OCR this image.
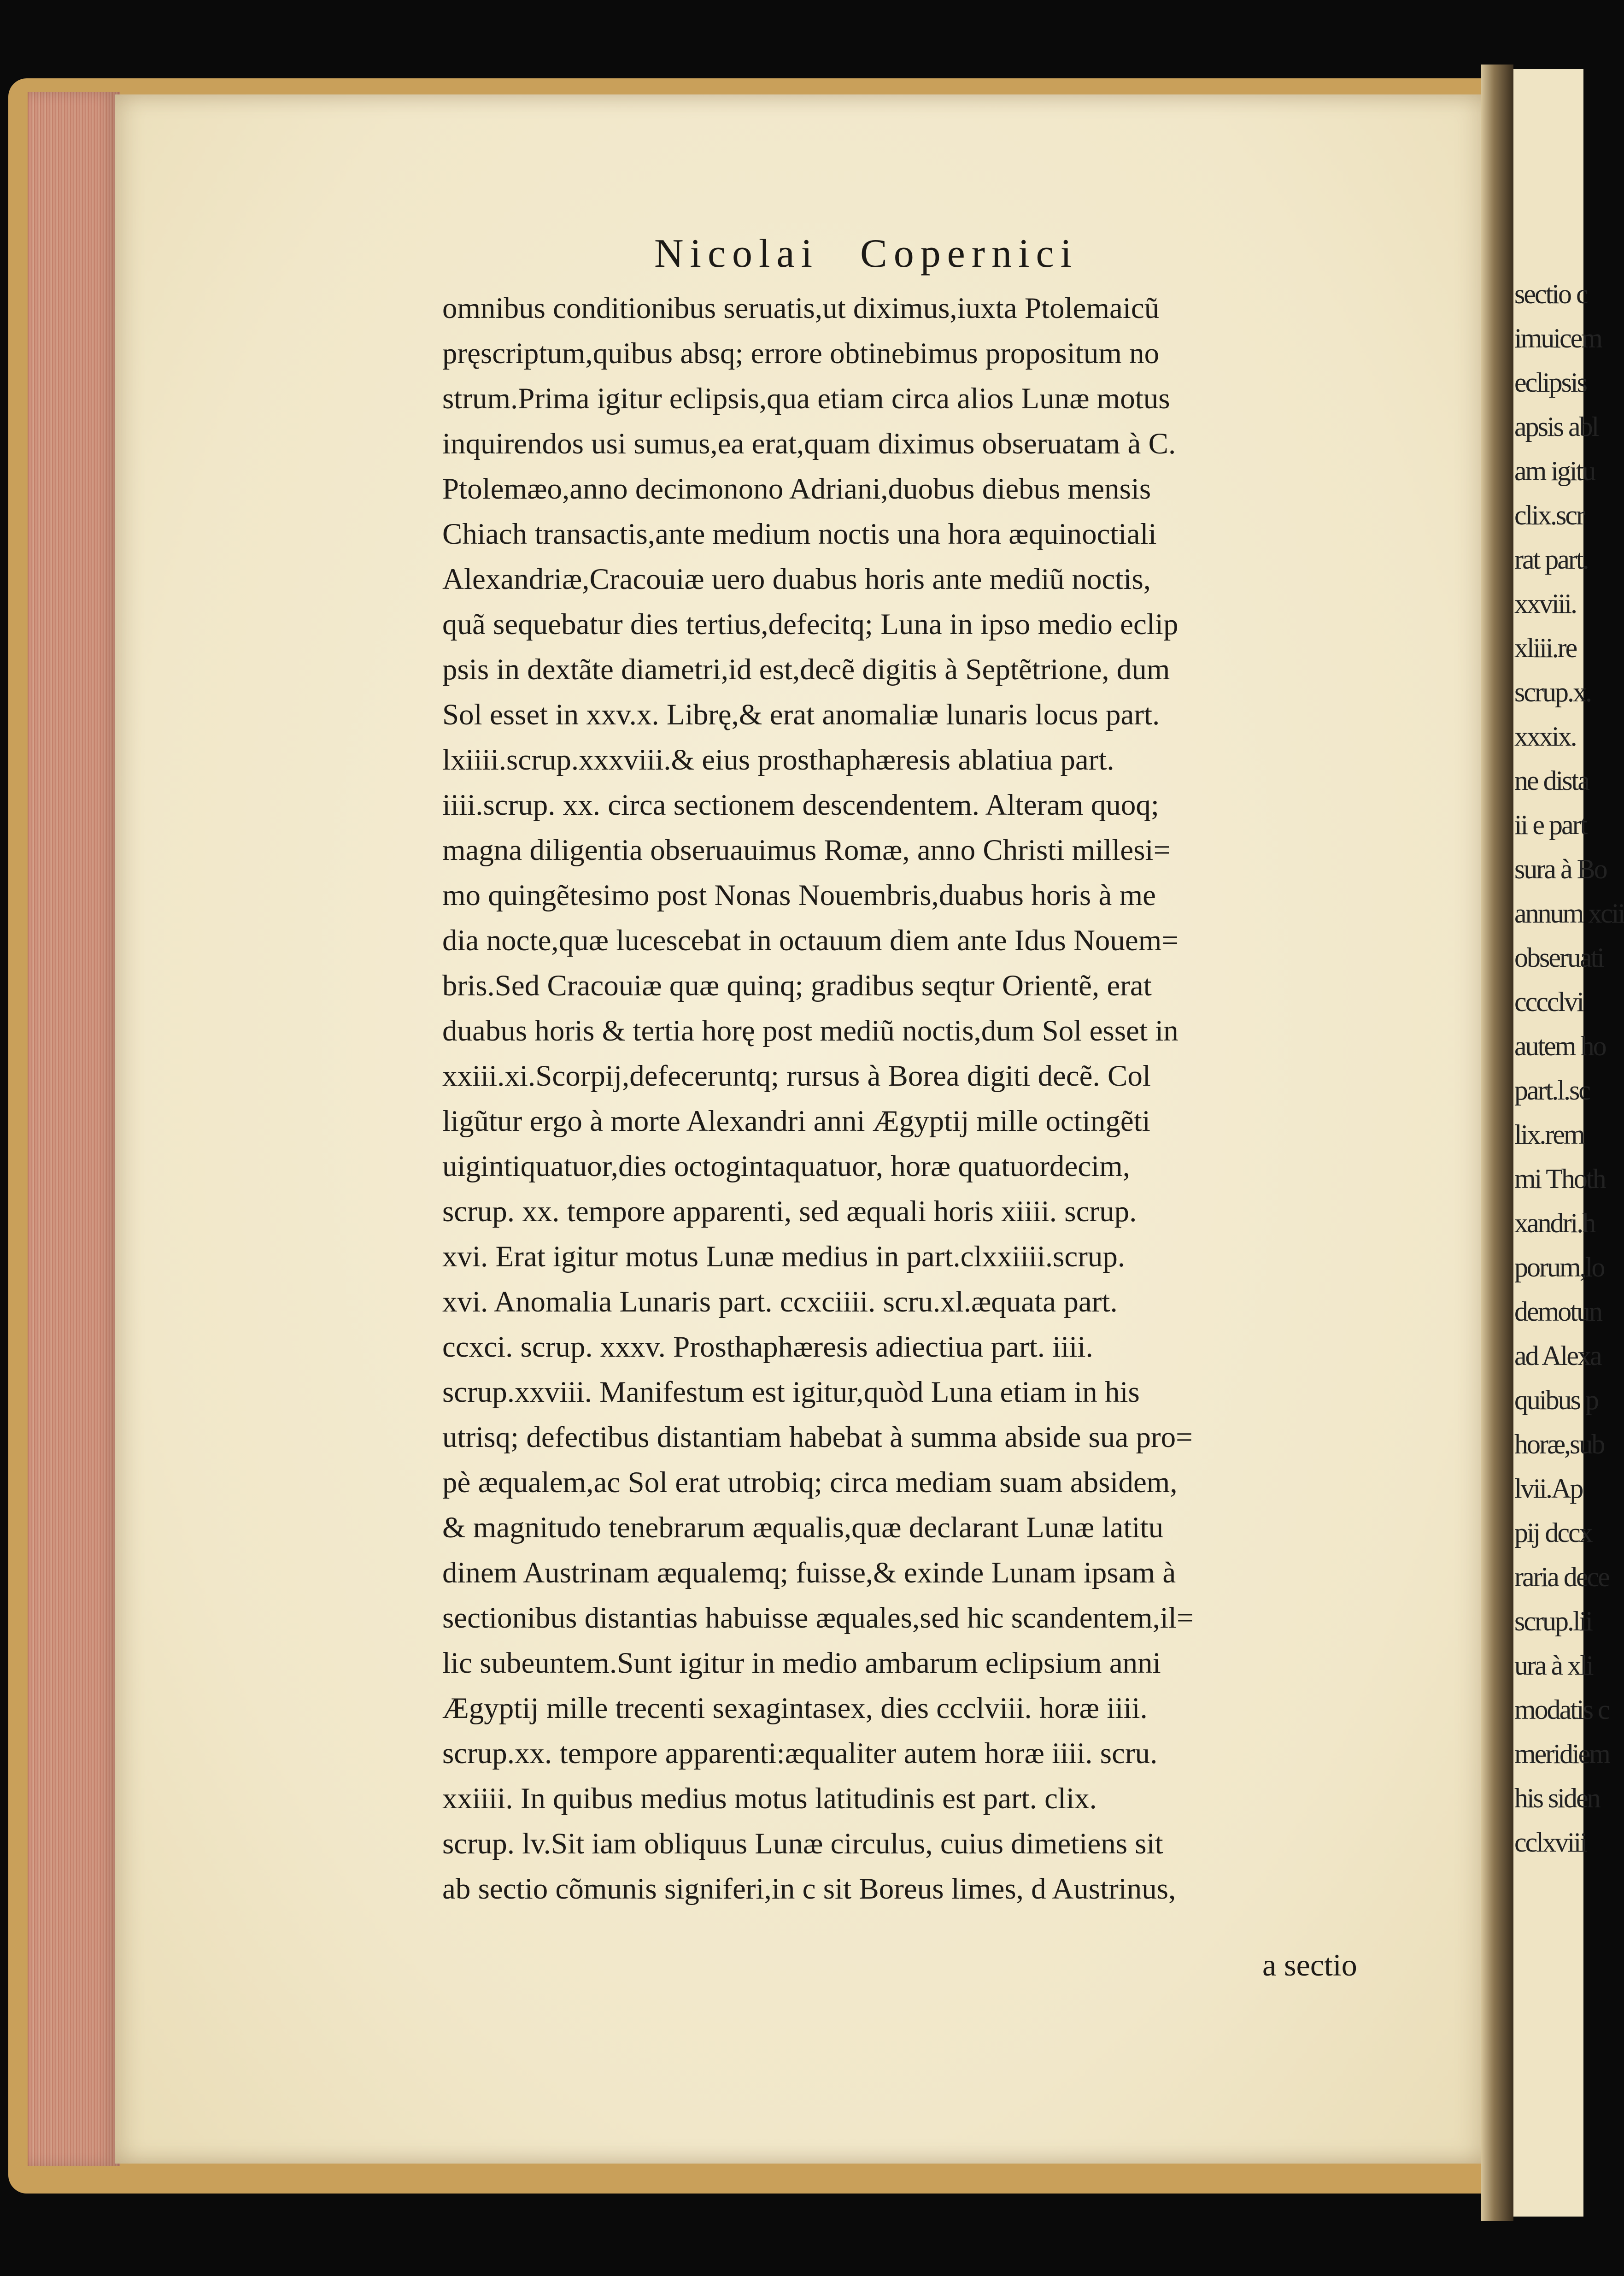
sectio c
imuicem
eclipsis
apsis abl
am igitu
clix.scr
rat part.
xxviii.
xliii.re
scrup.x.
xxxix.
ne dista
ii e part
sura à Bo
annum xcii
obseruati
cccclvi
autem ho
part.l.sc
lix.rem
mi Thoth
xandri.h
porum,lo
demotun
ad Alexa
quibus p
horæ,sub
lvii.Ap
pij dccx
raria dece
scrup.lii
ura à xli
modatis c
meridiem
his siden
cclxviii
Nicolai Copernici
omnibus conditionibus seruatis,ut diximus,iuxta Ptolemaicũ
pręscriptum,quibus absq; errore obtinebimus propositum no
strum.Prima igitur eclipsis,qua etiam circa alios Lunæ motus
inquirendos usi sumus,ea erat,quam diximus obseruatam à C.
Ptolemæo,anno decimonono Adriani,duobus diebus mensis
Chiach transactis,ante medium noctis una hora æquinoctiali
Alexandriæ,Cracouiæ uero duabus horis ante mediũ noctis,
quã sequebatur dies tertius,defecitq; Luna in ipso medio eclip
psis in dextãte diametri,id est,decẽ digitis à Septẽtrione, dum
Sol esset in xxv.x. Librę,& erat anomaliæ lunaris locus part.
lxiiii.scrup.xxxviii.& eius prosthaphæresis ablatiua part.
iiii.scrup. xx. circa sectionem descendentem. Alteram quoq;
magna diligentia obseruauimus Romæ, anno Christi millesi=
mo quingẽtesimo post Nonas Nouembris,duabus horis à me
dia nocte,quæ lucescebat in octauum diem ante Idus Nouem=
bris.Sed Cracouiæ quæ quinq; gradibus seqtur Orientẽ, erat
duabus horis & tertia horę post mediũ noctis,dum Sol esset in
xxiii.xi.Scorpij,defeceruntq; rursus à Borea digiti decẽ. Col
ligũtur ergo à morte Alexandri anni Ægyptij mille octingẽti
uigintiquatuor,dies octogintaquatuor, horæ quatuordecim,
scrup. xx. tempore apparenti, sed æquali horis xiiii. scrup.
xvi. Erat igitur motus Lunæ medius in part.clxxiiii.scrup.
xvi. Anomalia Lunaris part. ccxciiii. scru.xl.æquata part.
ccxci. scrup. xxxv. Prosthaphæresis adiectiua part. iiii.
scrup.xxviii. Manifestum est igitur,quòd Luna etiam in his
utrisq; defectibus distantiam habebat à summa abside sua pro=
pè æqualem,ac Sol erat utrobiq; circa mediam suam absidem,
& magnitudo tenebrarum æqualis,quæ declarant Lunæ latitu
dinem Austrinam æqualemq; fuisse,& exinde Lunam ipsam à
sectionibus distantias habuisse æquales,sed hic scandentem,il=
lic subeuntem.Sunt igitur in medio ambarum eclipsium anni
Ægyptij mille trecenti sexagintasex, dies ccclviii. horæ iiii.
scrup.xx. tempore apparenti:æqualiter autem horæ iiii. scru.
xxiiii. In quibus medius motus latitudinis est part. clix.
scrup. lv.Sit iam obliquus Lunæ circulus, cuius dimetiens sit
ab sectio cõmunis signiferi,in c sit Boreus limes, d Austrinus,
a sectio
